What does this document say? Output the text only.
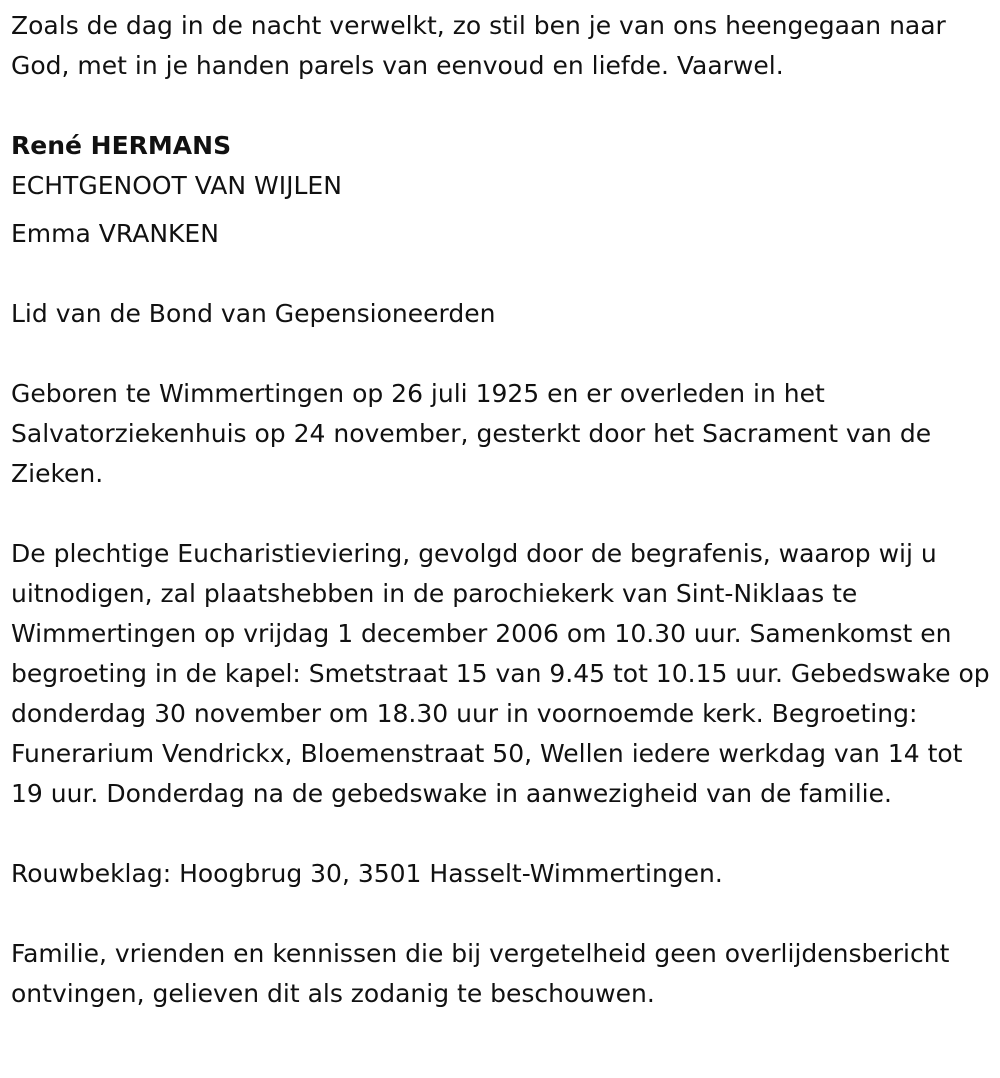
Zoals de dag in de nacht verwelkt, zo stil ben je van ons heengegaan naar God, met in je handen parels van eenvoud en liefde. Vaarwel.

René HERMANS

ECHTGENOOT VAN WIJLEN

Emma VRANKEN

Lid van de Bond van Gepensioneerden

Geboren te Wimmertingen op 26 juli 1925 en er overleden in het Salvatorziekenhuis op 24 november, gesterkt door het Sacrament van de Zieken.

De plechtige Eucharistieviering, gevolgd door de begrafenis, waarop wij u uitnodigen, zal plaatshebben in de parochiekerk van Sint-Niklaas te Wimmertingen op vrijdag 1 december 2006 om 10.30 uur. Samenkomst en begroeting in de kapel: Smetstraat 15 van 9.45 tot 10.15 uur. Gebedswake op donderdag 30 november om 18.30 uur in voornoemde kerk. Begroeting: Funerarium Vendrickx, Bloemenstraat 50, Wellen iedere werkdag van 14 tot 19 uur. Donderdag na de gebedswake in aanwezigheid van de familie.

Rouwbeklag: Hoogbrug 30, 3501 Hasselt-Wimmertingen.

Familie, vrienden en kennissen die bij vergetelheid geen overlijdensbericht ontvingen, gelieven dit als zodanig te beschouwen.
